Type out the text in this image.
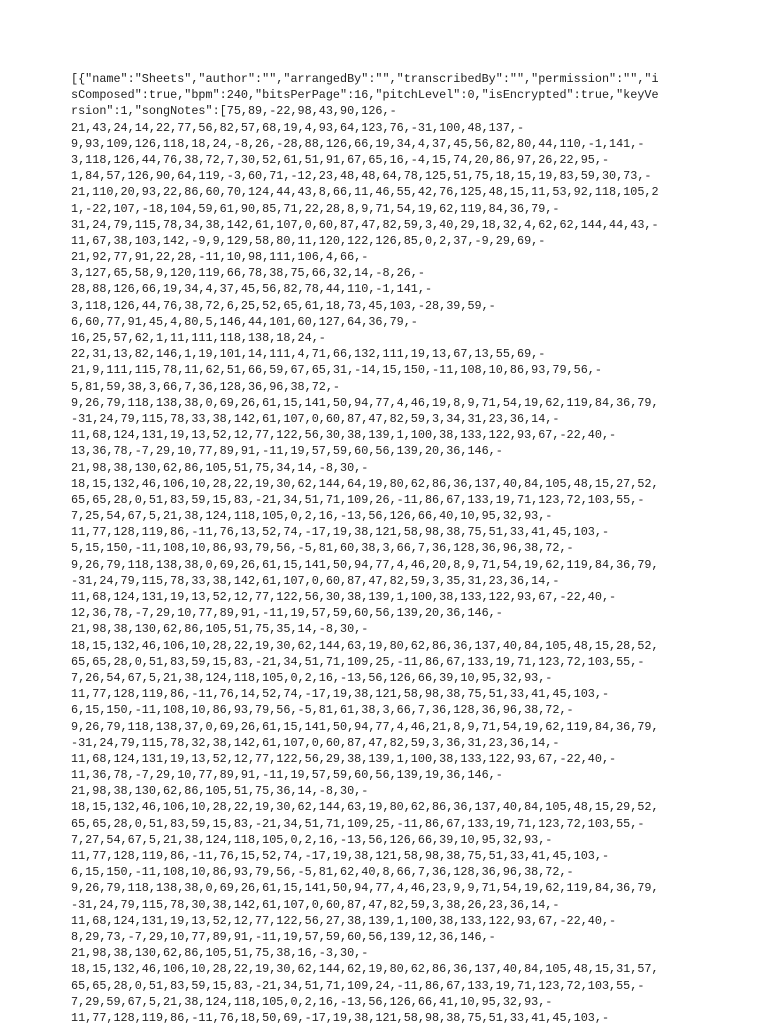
[{"name":"Sheets","author":"","arrangedBy":"","transcribedBy":"","permission":"","i
sComposed":true,"bpm":240,"bitsPerPage":16,"pitchLevel":0,"isEncrypted":true,"keyVe
rsion":1,"songNotes":[75,89,-22,98,43,90,126,-
21,43,24,14,22,77,56,82,57,68,19,4,93,64,123,76,-31,100,48,137,-
9,93,109,126,118,18,24,-8,26,-28,88,126,66,19,34,4,37,45,56,82,80,44,110,-1,141,-
3,118,126,44,76,38,72,7,30,52,61,51,91,67,65,16,-4,15,74,20,86,97,26,22,95,-
1,84,57,126,90,64,119,-3,60,71,-12,23,48,48,64,78,125,51,75,18,15,19,83,59,30,73,-
21,110,20,93,22,86,60,70,124,44,43,8,66,11,46,55,42,76,125,48,15,11,53,92,118,105,2
1,-22,107,-18,104,59,61,90,85,71,22,28,8,9,71,54,19,62,119,84,36,79,-
31,24,79,115,78,34,38,142,61,107,0,60,87,47,82,59,3,40,29,18,32,4,62,62,144,44,43,-
11,67,38,103,142,-9,9,129,58,80,11,120,122,126,85,0,2,37,-9,29,69,-
21,92,77,91,22,28,-11,10,98,111,106,4,66,-
3,127,65,58,9,120,119,66,78,38,75,66,32,14,-8,26,-
28,88,126,66,19,34,4,37,45,56,82,78,44,110,-1,141,-
3,118,126,44,76,38,72,6,25,52,65,61,18,73,45,103,-28,39,59,-
6,60,77,91,45,4,80,5,146,44,101,60,127,64,36,79,-
16,25,57,62,1,11,111,118,138,18,24,-
22,31,13,82,146,1,19,101,14,111,4,71,66,132,111,19,13,67,13,55,69,-
21,9,111,115,78,11,62,51,66,59,67,65,31,-14,15,150,-11,108,10,86,93,79,56,-
5,81,59,38,3,66,7,36,128,36,96,38,72,-
9,26,79,118,138,38,0,69,26,61,15,141,50,94,77,4,46,19,8,9,71,54,19,62,119,84,36,79,
-31,24,79,115,78,33,38,142,61,107,0,60,87,47,82,59,3,34,31,23,36,14,-
11,68,124,131,19,13,52,12,77,122,56,30,38,139,1,100,38,133,122,93,67,-22,40,-
13,36,78,-7,29,10,77,89,91,-11,19,57,59,60,56,139,20,36,146,-
21,98,38,130,62,86,105,51,75,34,14,-8,30,-
18,15,132,46,106,10,28,22,19,30,62,144,64,19,80,62,86,36,137,40,84,105,48,15,27,52,
65,65,28,0,51,83,59,15,83,-21,34,51,71,109,26,-11,86,67,133,19,71,123,72,103,55,-
7,25,54,67,5,21,38,124,118,105,0,2,16,-13,56,126,66,40,10,95,32,93,-
11,77,128,119,86,-11,76,13,52,74,-17,19,38,121,58,98,38,75,51,33,41,45,103,-
5,15,150,-11,108,10,86,93,79,56,-5,81,60,38,3,66,7,36,128,36,96,38,72,-
9,26,79,118,138,38,0,69,26,61,15,141,50,94,77,4,46,20,8,9,71,54,19,62,119,84,36,79,
-31,24,79,115,78,33,38,142,61,107,0,60,87,47,82,59,3,35,31,23,36,14,-
11,68,124,131,19,13,52,12,77,122,56,30,38,139,1,100,38,133,122,93,67,-22,40,-
12,36,78,-7,29,10,77,89,91,-11,19,57,59,60,56,139,20,36,146,-
21,98,38,130,62,86,105,51,75,35,14,-8,30,-
18,15,132,46,106,10,28,22,19,30,62,144,63,19,80,62,86,36,137,40,84,105,48,15,28,52,
65,65,28,0,51,83,59,15,83,-21,34,51,71,109,25,-11,86,67,133,19,71,123,72,103,55,-
7,26,54,67,5,21,38,124,118,105,0,2,16,-13,56,126,66,39,10,95,32,93,-
11,77,128,119,86,-11,76,14,52,74,-17,19,38,121,58,98,38,75,51,33,41,45,103,-
6,15,150,-11,108,10,86,93,79,56,-5,81,61,38,3,66,7,36,128,36,96,38,72,-
9,26,79,118,138,37,0,69,26,61,15,141,50,94,77,4,46,21,8,9,71,54,19,62,119,84,36,79,
-31,24,79,115,78,32,38,142,61,107,0,60,87,47,82,59,3,36,31,23,36,14,-
11,68,124,131,19,13,52,12,77,122,56,29,38,139,1,100,38,133,122,93,67,-22,40,-
11,36,78,-7,29,10,77,89,91,-11,19,57,59,60,56,139,19,36,146,-
21,98,38,130,62,86,105,51,75,36,14,-8,30,-
18,15,132,46,106,10,28,22,19,30,62,144,63,19,80,62,86,36,137,40,84,105,48,15,29,52,
65,65,28,0,51,83,59,15,83,-21,34,51,71,109,25,-11,86,67,133,19,71,123,72,103,55,-
7,27,54,67,5,21,38,124,118,105,0,2,16,-13,56,126,66,39,10,95,32,93,-
11,77,128,119,86,-11,76,15,52,74,-17,19,38,121,58,98,38,75,51,33,41,45,103,-
6,15,150,-11,108,10,86,93,79,56,-5,81,62,40,8,66,7,36,128,36,96,38,72,-
9,26,79,118,138,38,0,69,26,61,15,141,50,94,77,4,46,23,9,9,71,54,19,62,119,84,36,79,
-31,24,79,115,78,30,38,142,61,107,0,60,87,47,82,59,3,38,26,23,36,14,-
11,68,124,131,19,13,52,12,77,122,56,27,38,139,1,100,38,133,122,93,67,-22,40,-
8,29,73,-7,29,10,77,89,91,-11,19,57,59,60,56,139,12,36,146,-
21,98,38,130,62,86,105,51,75,38,16,-3,30,-
18,15,132,46,106,10,28,22,19,30,62,144,62,19,80,62,86,36,137,40,84,105,48,15,31,57,
65,65,28,0,51,83,59,15,83,-21,34,51,71,109,24,-11,86,67,133,19,71,123,72,103,55,-
7,29,59,67,5,21,38,124,118,105,0,2,16,-13,56,126,66,41,10,95,32,93,-
11,77,128,119,86,-11,76,18,50,69,-17,19,38,121,58,98,38,75,51,33,41,45,103,-
